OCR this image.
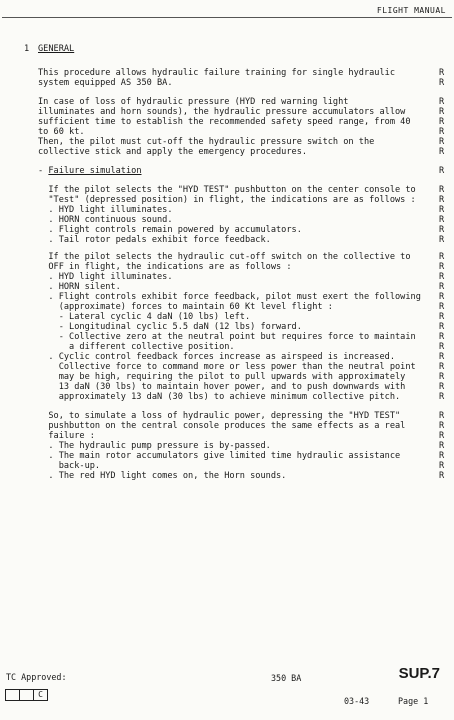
FLIGHT MANUAL
1 GENERAL
This procedure allows hydraulic failure training for single hydraulic
system equipped AS 350 BA.
In case of loss of hydraulic pressure (HYD red warning light
illuminates and horn sounds), the hydraulic pressure accumulators allow
sufficient time to establish the recommended safety speed range, from 40
to 60 kt.
Then, the pilot must cut-off the hydraulic pressure switch on the
collective stick and apply the emergency procedures.
- Failure simulation
If the pilot selects the "HYD TEST" pushbutton on the center console to
"Test" (depressed position) in flight, the indications are as follows :
. HYD light illuminates.
. HORN continuous sound.
. Flight controls remain powered by accumulators.
. Tail rotor pedals exhibit force feedback.
If the pilot selects the hydraulic cut-off switch on the collective to
OFF in flight, the indications are as follows :
. HYD light illuminates.
. HORN silent.
. Flight controls exhibit force feedback, pilot must exert the following
(approximate) forces to maintain 60 Kt level flight :
- Lateral cyclic 4 daN (10 lbs) left.
- Longitudinal cyclic 5.5 daN (12 lbs) forward.
- Collective zero at the neutral point but requires force to maintain
a different collective position.
. Cyclic control feedback forces increase as airspeed is increased.
Collective force to command more or less power than the neutral point
may be high, requiring the pilot to pull upwards with approximately
13 daN (30 lbs) to maintain hover power, and to push downwards with
approximately 13 daN (30 lbs) to achieve minimum collective pitch.
So, to simulate a loss of hydraulic power, depressing the "HYD TEST"
pushbutton on the central console produces the same effects as a real
failure :
. The hydraulic pump pressure is by-passed.
. The main rotor accumulators give limited time hydraulic assistance
back-up.
. The red HYD light comes on, the Horn sounds.
R
R
R
R
R
R
R
R
R
R
R
R
R
R
R
R
R
R
R
R
R
R
R
R
R
R
R
R
R
R
R
R
R
R
R
R
R
TC Approved:	350 BA	SUP.7
C
03-43	Page 1
